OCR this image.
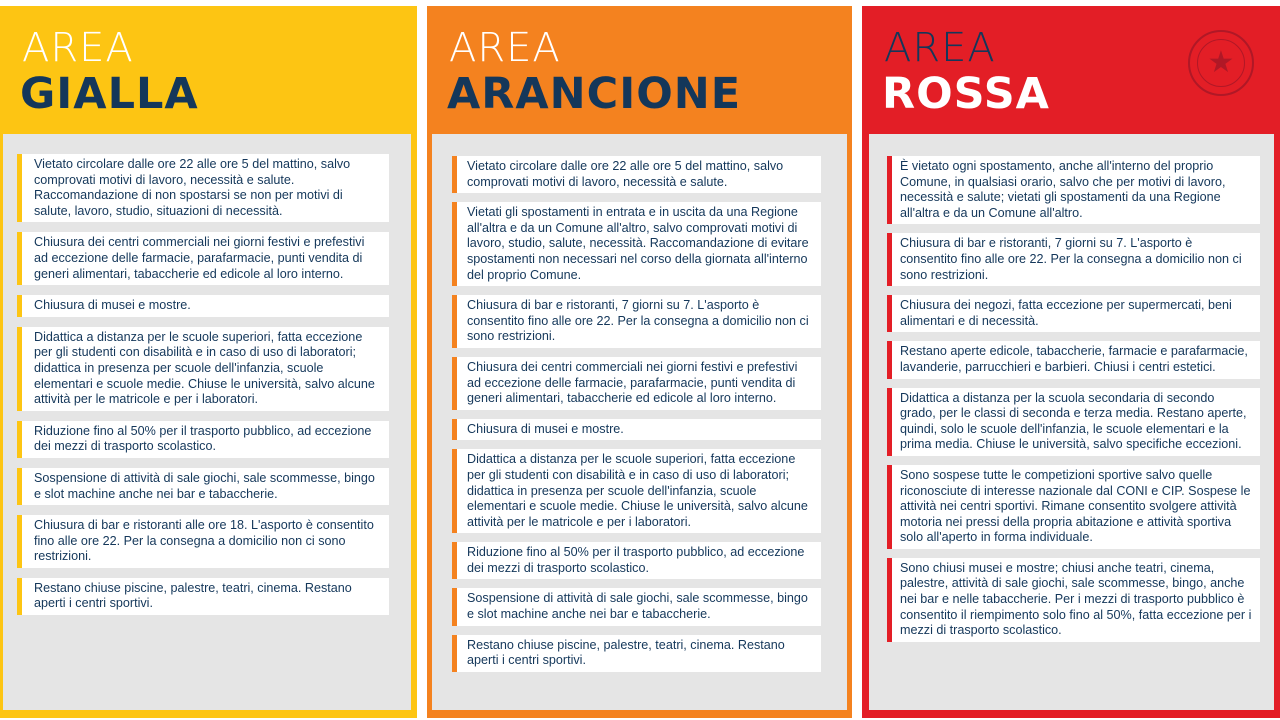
AREA
GIALLA
Vietato circolare dalle ore 22 alle ore 5 del mattino, salvo comprovati motivi di lavoro, necessità e salute. Raccomandazione di non spostarsi se non per motivi di salute, lavoro, studio, situazioni di necessità.
Chiusura dei centri commerciali nei giorni festivi e prefestivi ad eccezione delle farmacie, parafarmacie, punti vendita di generi alimentari, tabaccherie ed edicole al loro interno.
Chiusura di musei e mostre.
Didattica a distanza per le scuole superiori, fatta eccezione per gli studenti con disabilità e in caso di uso di laboratori; didattica in presenza per scuole dell'infanzia, scuole elementari e scuole medie. Chiuse le università, salvo alcune attività per le matricole e per i laboratori.
Riduzione fino al 50% per il trasporto pubblico, ad eccezione dei mezzi di trasporto scolastico.
Sospensione di attività di sale giochi, sale scommesse, bingo e slot machine anche nei bar e tabaccherie.
Chiusura di bar e ristoranti alle ore 18. L'asporto è consentito fino alle ore 22. Per la consegna a domicilio non ci sono restrizioni.
Restano chiuse piscine, palestre, teatri, cinema. Restano aperti i centri sportivi.
AREA
ARANCIONE
Vietato circolare dalle ore 22 alle ore 5 del mattino, salvo comprovati motivi di lavoro, necessità e salute.
Vietati gli spostamenti in entrata e in uscita da una Regione all'altra e da un Comune all'altro, salvo comprovati motivi di lavoro, studio, salute, necessità. Raccomandazione di evitare spostamenti non necessari nel corso della giornata all'interno del proprio Comune.
Chiusura di bar e ristoranti, 7 giorni su 7. L'asporto è consentito fino alle ore 22. Per la consegna a domicilio non ci sono restrizioni.
Chiusura dei centri commerciali nei giorni festivi e prefestivi ad eccezione delle farmacie, parafarmacie, punti vendita di generi alimentari, tabaccherie ed edicole al loro interno.
Chiusura di musei e mostre.
Didattica a distanza per le scuole superiori, fatta eccezione per gli studenti con disabilità e in caso di uso di laboratori; didattica in presenza per scuole dell'infanzia, scuole elementari e scuole medie. Chiuse le università, salvo alcune attività per le matricole e per i laboratori.
Riduzione fino al 50% per il trasporto pubblico, ad eccezione dei mezzi di trasporto scolastico.
Sospensione di attività di sale giochi, sale scommesse, bingo e slot machine anche nei bar e tabaccherie.
Restano chiuse piscine, palestre, teatri, cinema. Restano aperti i centri sportivi.
AREA
ROSSA
★
È vietato ogni spostamento, anche all'interno del proprio Comune, in qualsiasi orario, salvo che per motivi di lavoro, necessità e salute; vietati gli spostamenti da una Regione all'altra e da un Comune all'altro.
Chiusura di bar e ristoranti, 7 giorni su 7. L'asporto è consentito fino alle ore 22. Per la consegna a domicilio non ci sono restrizioni.
Chiusura dei negozi, fatta eccezione per supermercati, beni alimentari e di necessità.
Restano aperte edicole, tabaccherie, farmacie e parafarmacie, lavanderie, parrucchieri e barbieri. Chiusi i centri estetici.
Didattica a distanza per la scuola secondaria di secondo grado, per le classi di seconda e terza media. Restano aperte, quindi, solo le scuole dell'infanzia, le scuole elementari e la prima media. Chiuse le università, salvo specifiche eccezioni.
Sono sospese tutte le competizioni sportive salvo quelle riconosciute di interesse nazionale dal CONI e CIP. Sospese le attività nei centri sportivi. Rimane consentito svolgere attività motoria nei pressi della propria abitazione e attività sportiva solo all'aperto in forma individuale.
Sono chiusi musei e mostre; chiusi anche teatri, cinema, palestre, attività di sale giochi, sale scommesse, bingo, anche nei bar e nelle tabaccherie. Per i mezzi di trasporto pubblico è consentito il riempimento solo fino al 50%, fatta eccezione per i mezzi di trasporto scolastico.
